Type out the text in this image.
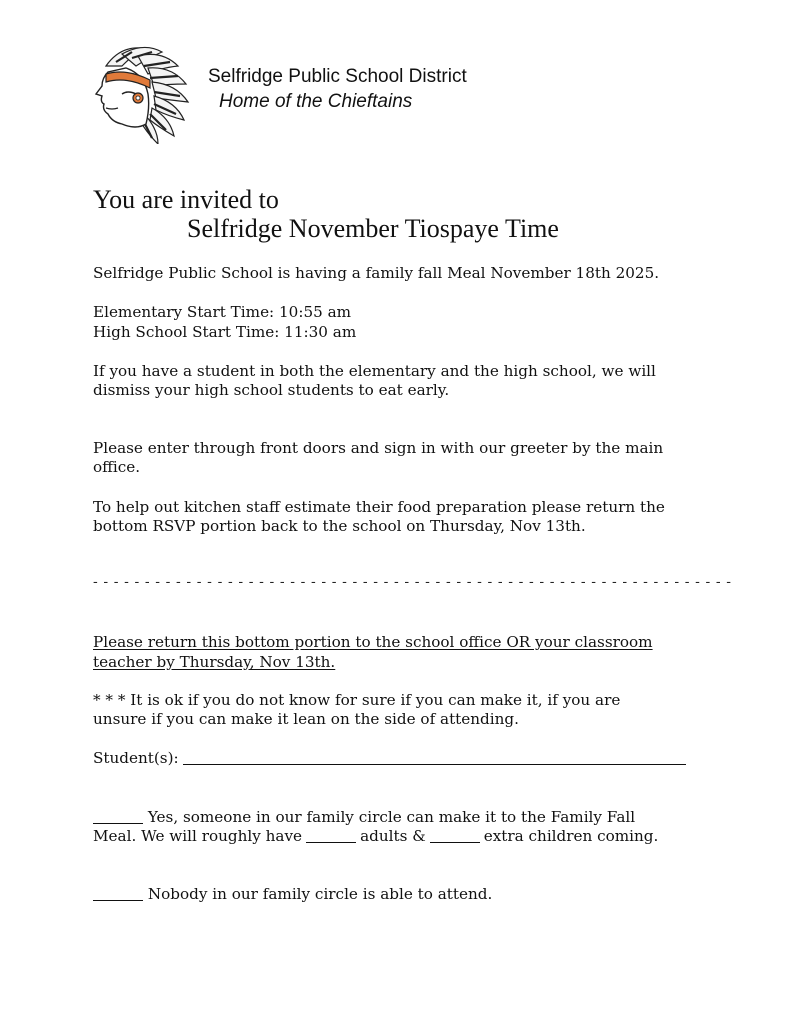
Selfridge Public School District

Home of the Chieftains

You are invited to
Selfridge November Tiospaye Time

Selfridge Public School is having a family fall Meal November 18th 2025.

Elementary Start Time: 10:55 am

High School Start Time: 11:30 am

If you have a student in both the elementary and the high school, we will

dismiss your high school students to eat early.

Please enter through front doors and sign in with our greeter by the main

office.

To help out kitchen staff estimate their food preparation please return the

bottom RSVP portion back to the school on Thursday, Nov 13th.

- - - - - - - - - - - - - - - - - - - - - - - - - - - - - - - - - - - - - - - - - - - - - - - - - - - - - - - - - - - - - -

Please return this bottom portion to the school office OR your classroom

teacher by Thursday, Nov 13th.

* * * It is ok if you do not know for sure if you can make it, if you are

unsure if you can make it lean on the side of attending.

Student(s):

Yes, someone in our family circle can make it to the Family Fall

Meal. We will roughly have	adults &	extra children coming.

Nobody in our family circle is able to attend.
